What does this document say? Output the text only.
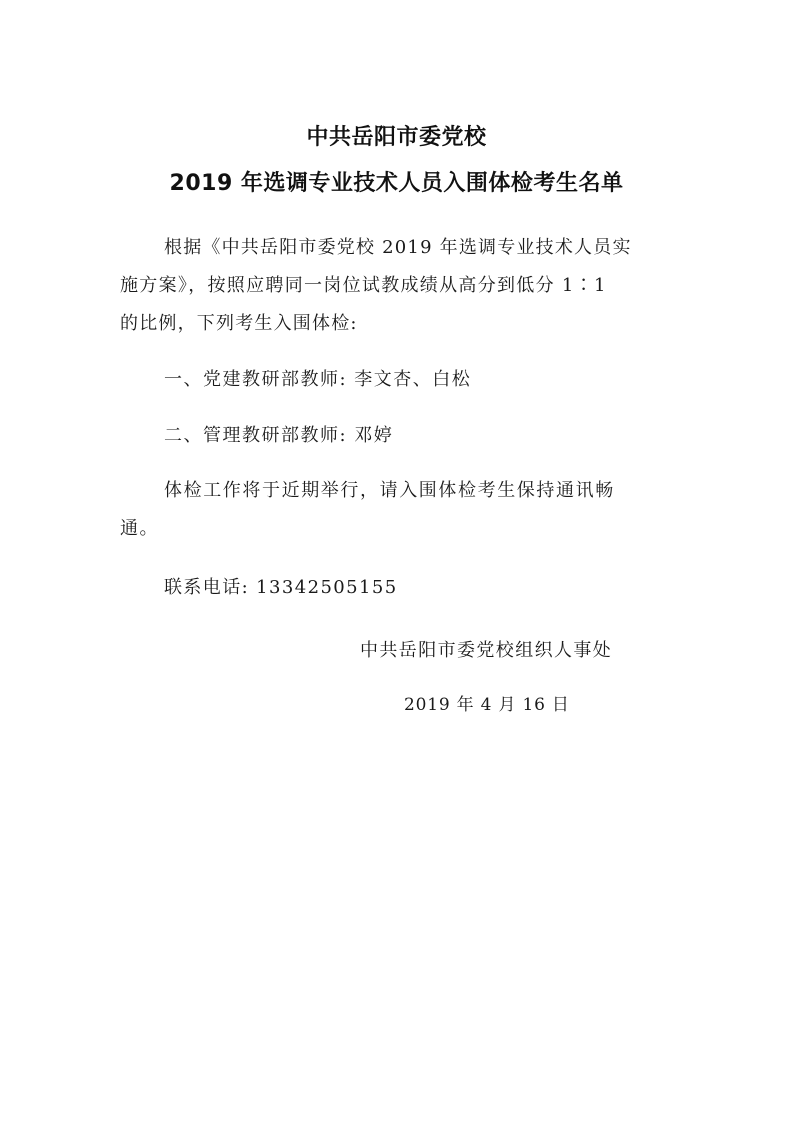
中共岳阳市委党校
2019 年选调专业技术人员入围体检考生名单
根据《中共岳阳市委党校 2019 年选调专业技术人员实
施方案》，按照应聘同一岗位试教成绩从高分到低分 1∶1
的比例，下列考生入围体检:
一、党建教研部教师: 李文杏、白松
二、管理教研部教师: 邓婷
体检工作将于近期举行，请入围体检考生保持通讯畅
通。
联系电话: 13342505155
中共岳阳市委党校组织人事处
2019 年 4 月 16 日
